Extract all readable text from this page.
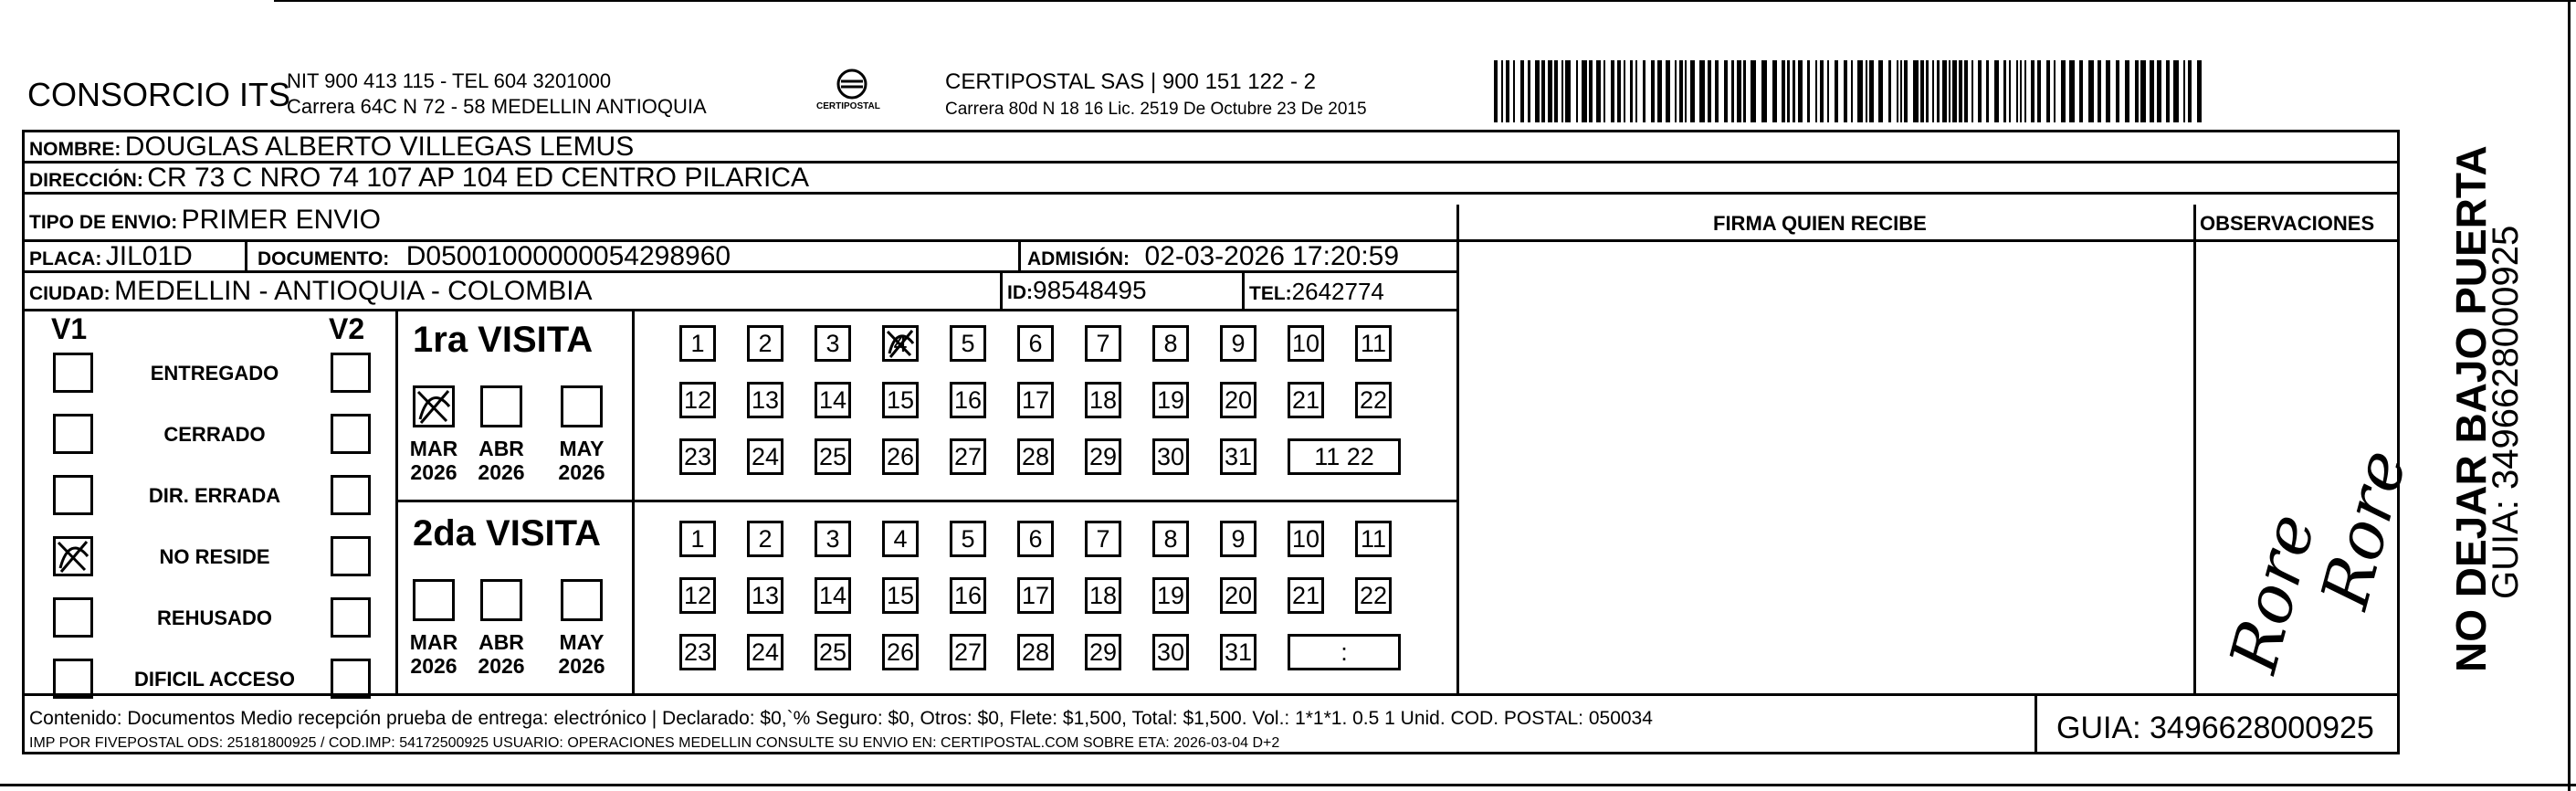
CONSORCIO ITS
NIT 900 413 115 - TEL 604 3201000
Carrera 64C N 72 - 58 MEDELLIN ANTIOQUIA	CERTIPOSTAL
CERTIPOSTAL SAS | 900 151 122 - 2
Carrera 80d N 18 16 Lic. 2519 De Octubre 23 De 2015
NOMBRE: DOUGLAS ALBERTO VILLEGAS LEMUS
DIRECCIÓN: CR 73 C NRO 74 107 AP 104 ED CENTRO PILARICA
TIPO DE ENVIO: PRIMER ENVIO
PLACA: JIL01D	DOCUMENTO: D05001000000054298960	ADMISIÓN: 02-03-2026 17:20:59
CIUDAD: MEDELLIN - ANTIOQUIA - COLOMBIA	ID:98548495	TEL:2642774
FIRMA QUIEN RECIBE	OBSERVACIONES
V1	V2
ENTREGADO
CERRADO
DIR. ERRADA
NO RESIDE
REHUSADO
DIFICIL ACCESO
1ra VISITA
2da VISITA
MAR
2026
ABR
2026
MAY
2026
MAR
2026
ABR
2026
MAY
2026
1	2	3	4	5	6	7	8	9	10 11
12 13 14 15 16 17 18 19 20 21 22
23 24 25 26 27 28 29 30 31	11 22
1	2	3	4	5	6	7	8	9	10 11
12 13 14 15 16 17 18 19 20 21 22
23 24 25 26 27 28 29 30 31	:	Rore
Rore
Contenido: Documentos Medio recepción prueba de entrega: electrónico | Declarado: $0,`% Seguro: $0, Otros: $0, Flete: $1,500, Total: $1,500. Vol.: 1*1*1. 0.5 1 Unid. COD. POSTAL: 050034
IMP POR FIVEPOSTAL ODS: 25181800925 / COD.IMP: 54172500925 USUARIO: OPERACIONES MEDELLIN CONSULTE SU ENVIO EN: CERTIPOSTAL.COM SOBRE ETA: 2026-03-04 D+2	GUIA: 3496628000925
NO DEJAR BAJO PUERTA
GUIA: 3496628000925
